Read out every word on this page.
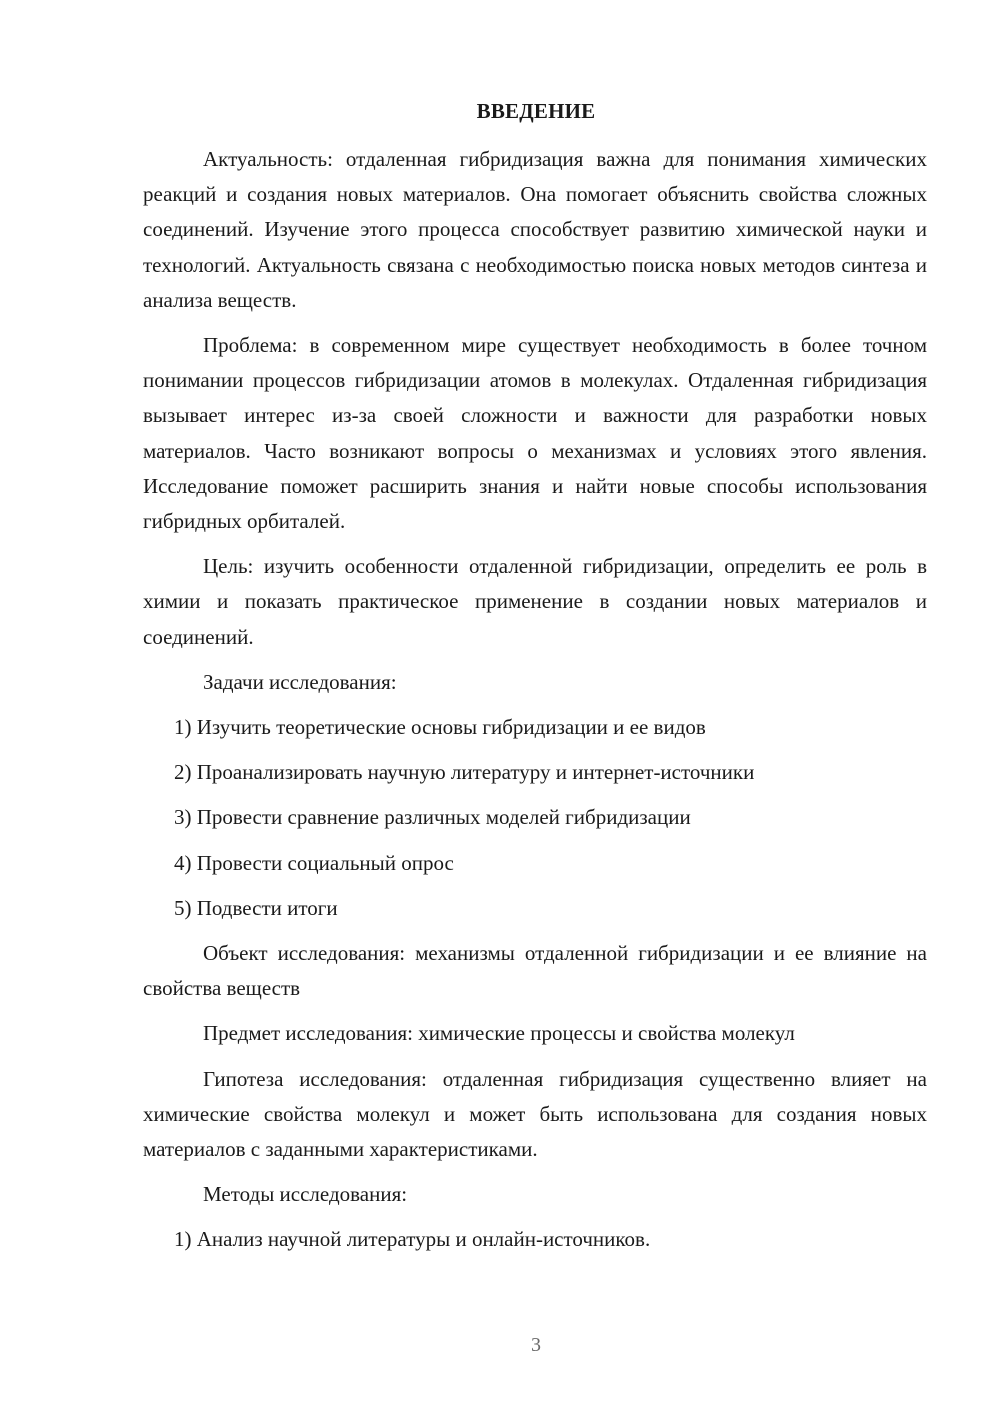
ВВЕДЕНИЕ

Актуальность: отдаленная гибридизация важна для понимания химических реакций и создания новых материалов. Она помогает объяснить свойства сложных соединений. Изучение этого процесса способствует развитию химической науки и технологий. Актуальность связана с необходимостью поиска новых методов синтеза и анализа веществ.

Проблема: в современном мире существует необходимость в более точном понимании процессов гибридизации атомов в молекулах. Отдаленная гибридизация вызывает интерес из-за своей сложности и важности для разработки новых материалов. Часто возникают вопросы о механизмах и условиях этого явления. Исследование поможет расширить знания и найти новые способы использования гибридных орбиталей.

Цель: изучить особенности отдаленной гибридизации, определить ее роль в химии и показать практическое применение в создании новых материалов и соединений.

Задачи исследования:

1) Изучить теоретические основы гибридизации и ее видов

2) Проанализировать научную литературу и интернет-источники

3) Провести сравнение различных моделей гибридизации

4) Провести социальный опрос

5) Подвести итоги

Объект исследования: механизмы отдаленной гибридизации и ее влияние на свойства веществ

Предмет исследования: химические процессы и свойства молекул

Гипотеза исследования: отдаленная гибридизация существенно влияет на химические свойства молекул и может быть использована для создания новых материалов с заданными характеристиками.

Методы исследования:

1) Анализ научной литературы и онлайн-источников.

3
